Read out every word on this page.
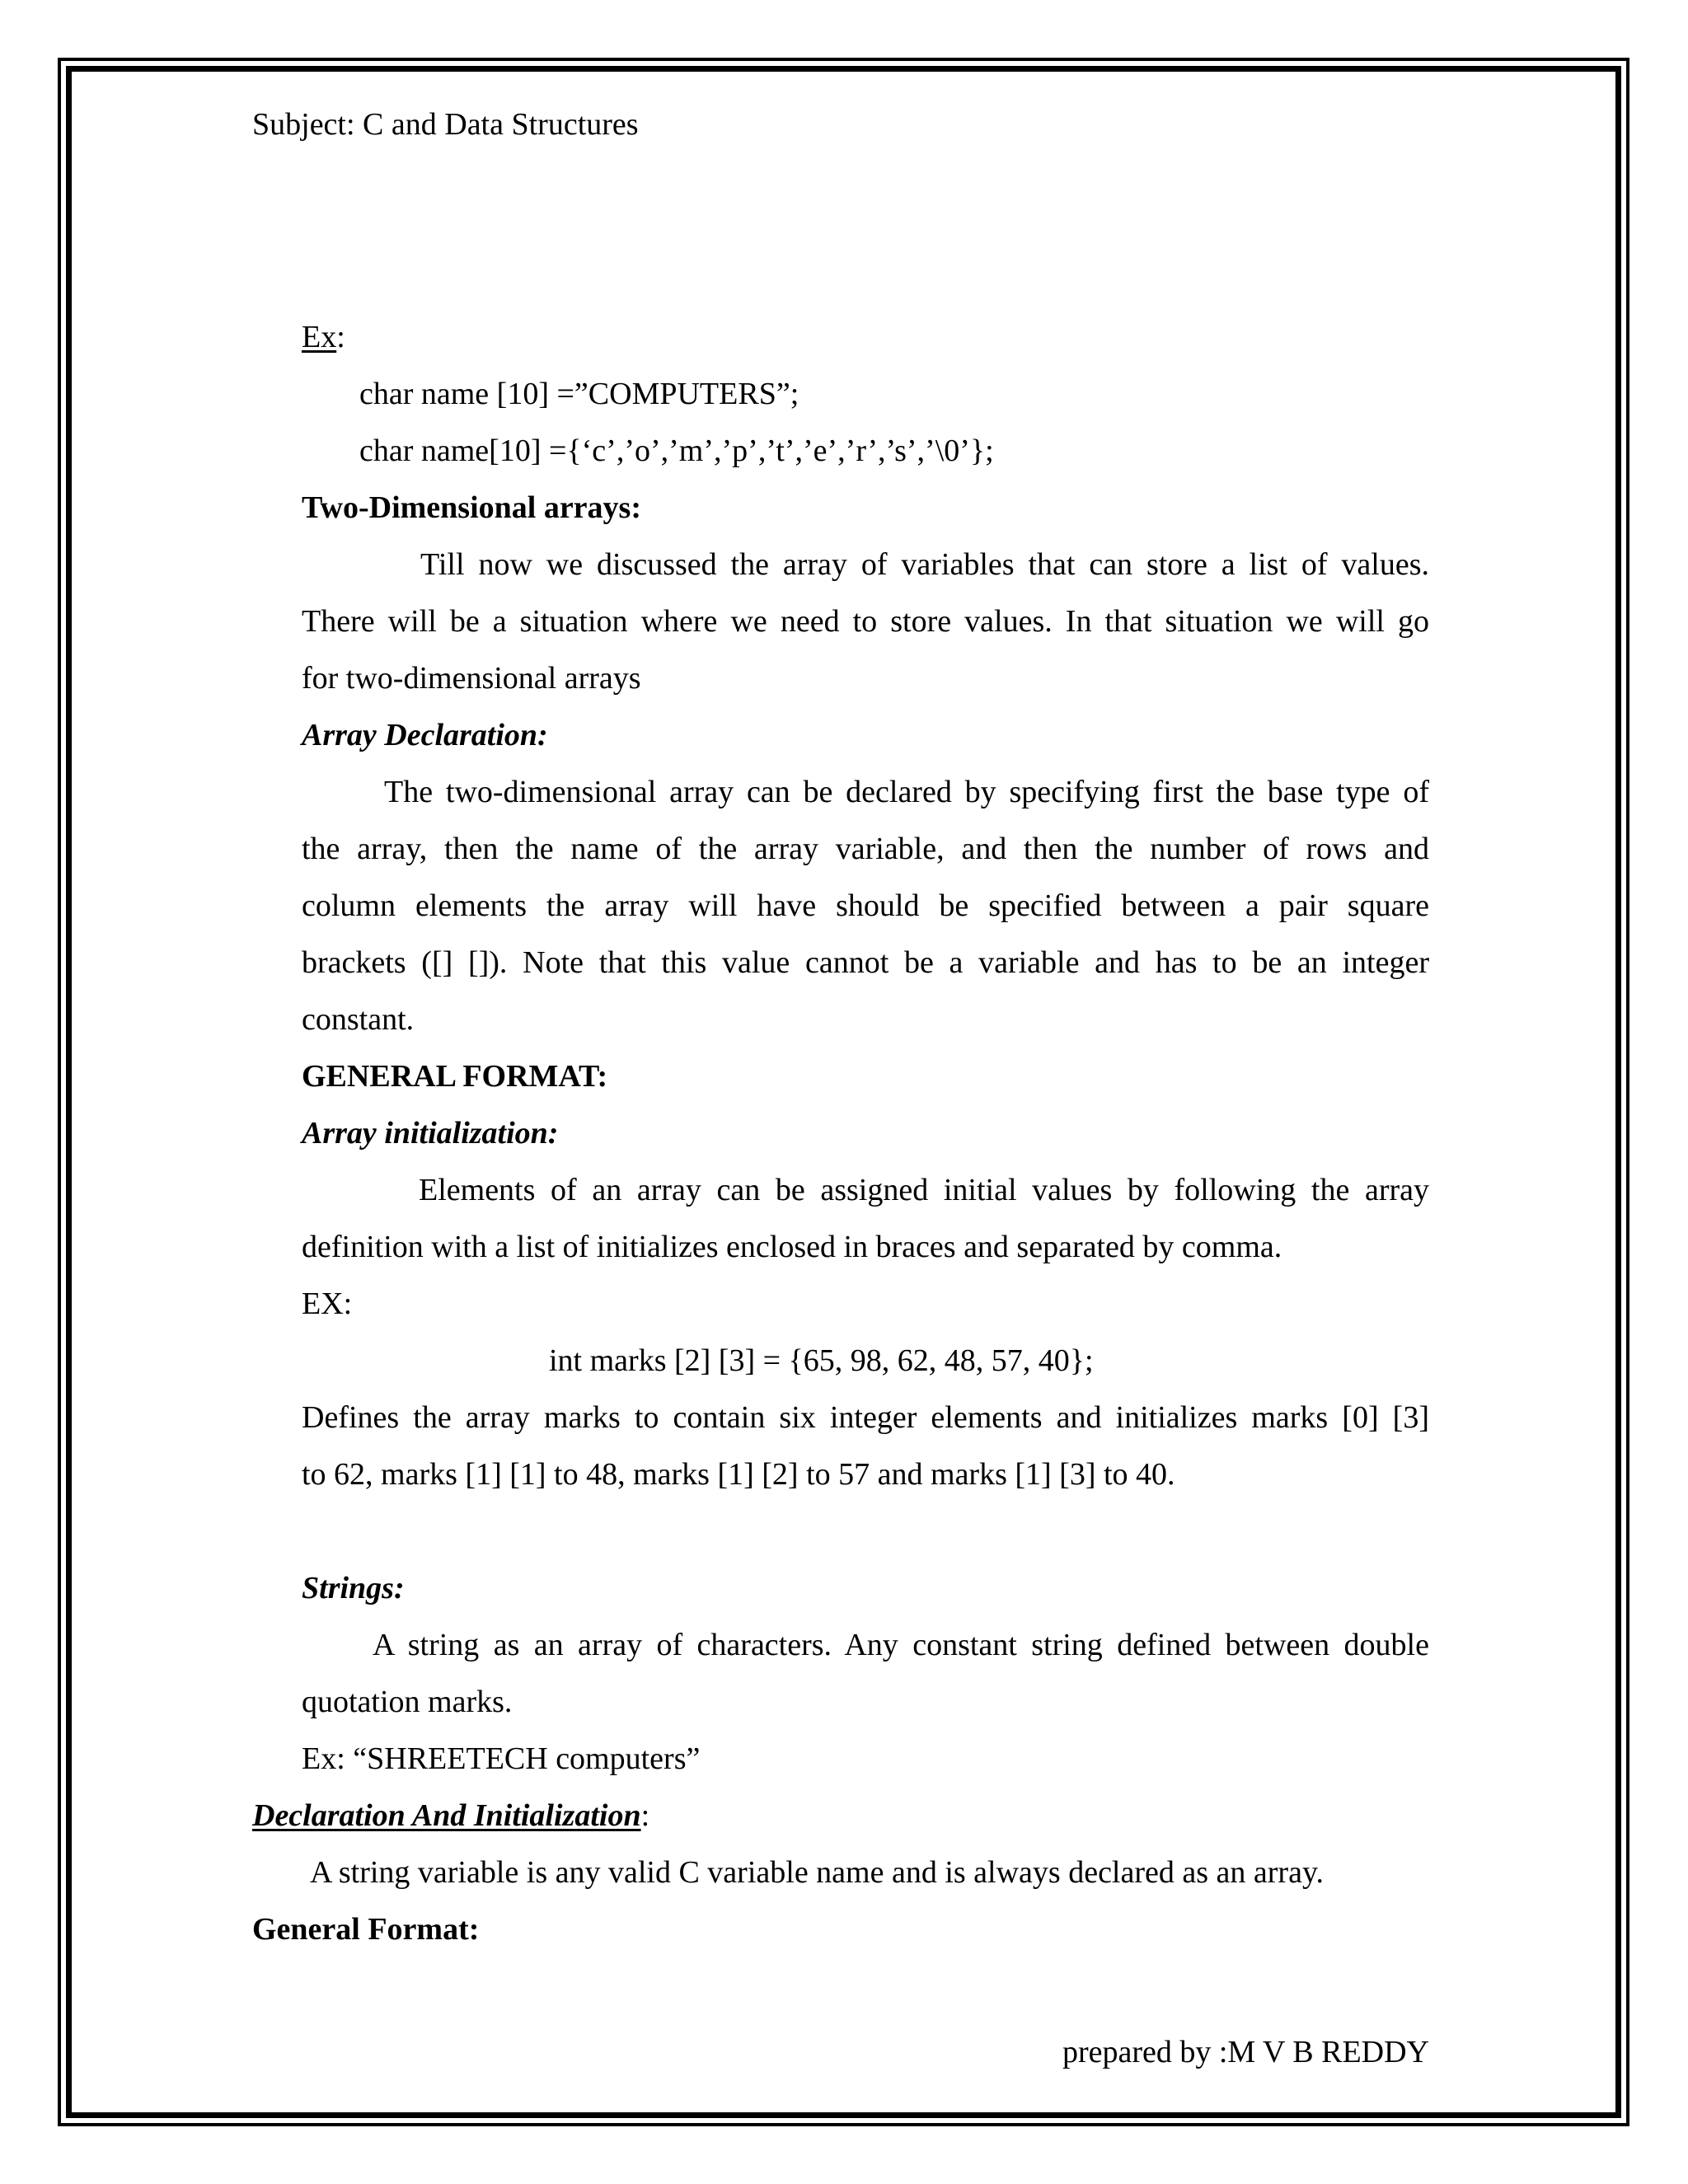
Subject: C and Data Structures
Ex:
char name [10] =”COMPUTERS”;
char name[10] ={‘c’,’o’,’m’,’p’,’t’,’e’,’r’,’s’,’\0’};
Two-Dimensional arrays:
Till now we discussed the array of variables that can store a list of values.
There will be a situation where we need to store values. In that situation we will go
for two-dimensional arrays
Array Declaration:
The two-dimensional array can be declared by specifying first the base type of
the array, then the name of the array variable, and then the number of rows and
column elements the array will have should be specified between a pair square
brackets ([] []). Note that this value cannot be a variable and has to be an integer
constant.
GENERAL FORMAT:
Array initialization:
Elements of an array can be assigned initial values by following the array
definition with a list of initializes enclosed in braces and separated by comma.
EX:
int marks [2] [3] = {65, 98, 62, 48, 57, 40};
Defines the array marks to contain six integer elements and initializes marks [0] [3]
to 62, marks [1] [1] to 48, marks [1] [2] to 57 and marks [1] [3] to 40.
Strings:
A string as an array of characters. Any constant string defined between double
quotation marks.
Ex: “SHREETECH computers”
Declaration And Initialization:
A string variable is any valid C variable name and is always declared as an array.
General Format:
prepared by :M V B REDDY
